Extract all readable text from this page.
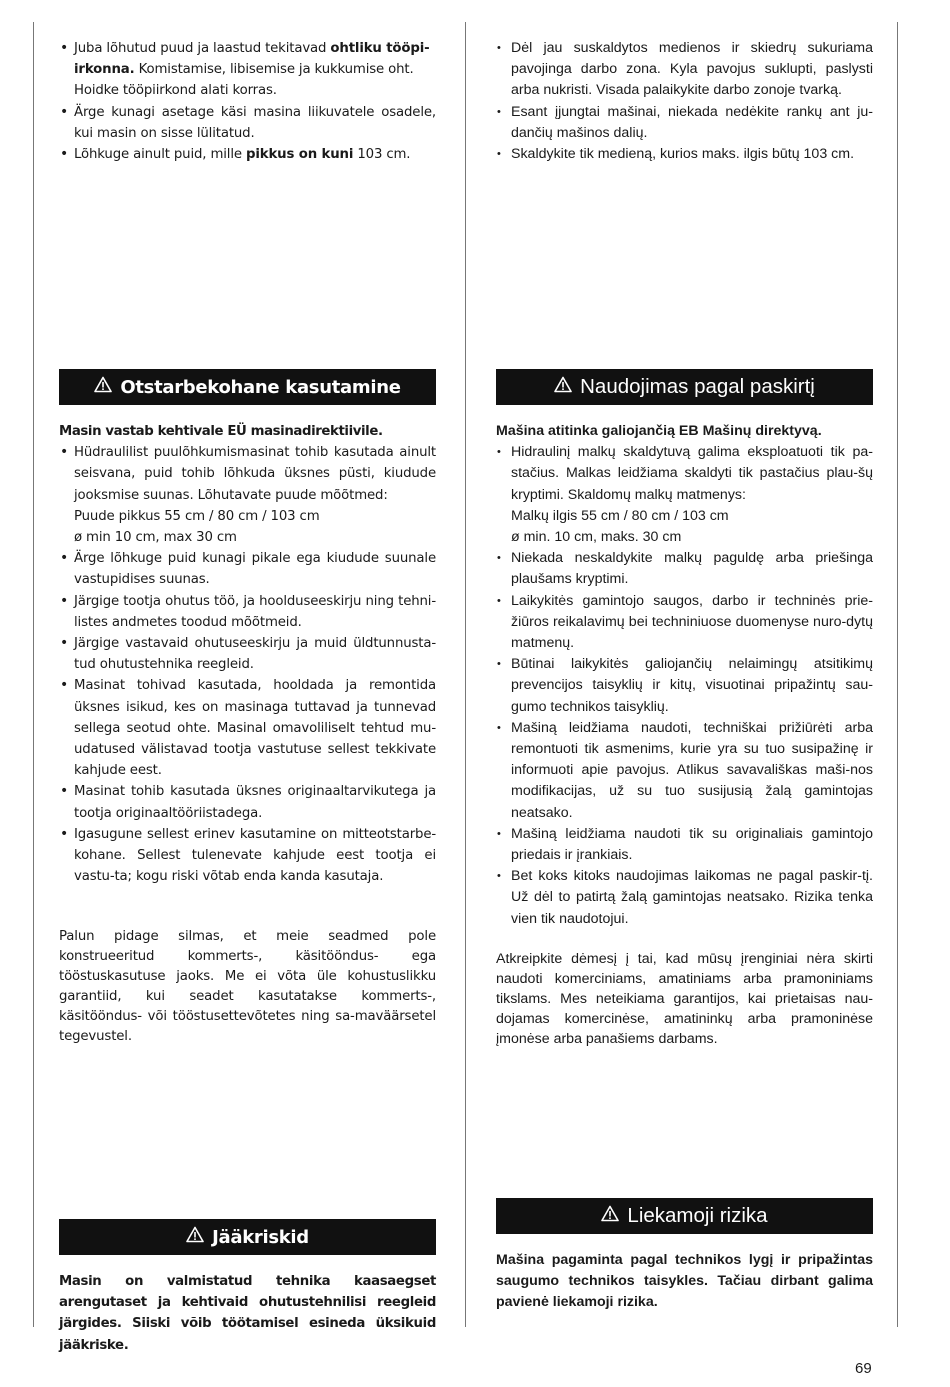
• Juba lõhutud puud ja laastud tekitavad ohtliku tööpi-
irkonna. Komistamise, libisemise ja kukkumise oht.
Hoidke tööpiirkond alati korras.
• Ärge kunagi asetage käsi masina liikuvatele osadele, kui masin on sisse lülitatud.
• Lõhkuge ainult puid, mille pikkus on kuni 103 cm.
• Dėl jau suskaldytos medienos ir skiedrų sukuriama pavojinga darbo zona. Kyla pavojus suklupti, paslysti arba nukristi. Visada palaikykite darbo zonoje tvarką.
• Esant įjungtai mašinai, niekada nedėkite rankų ant ju-dančių mašinos dalių.
• Skaldykite tik medieną, kurios maks. ilgis būtų 103 cm.
Otstarbekohane kasutamine	Naudojimas pagal paskirtį

Masin vastab kehtivale EÜ masinadirektiivile.

• Hüdraulilist puulõhkumismasinat tohib kasutada ainult seisvana, puid tohib lõhkuda üksnes püsti, kiudude jooksmise suunas. Lõhutavate puude mõõtmed:
Puude pikkus 55 cm / 80 cm / 103 cm
ø min 10 cm, max 30 cm
• Ärge lõhkuge puid kunagi pikale ega kiudude suunale vastupidises suunas.
• Järgige tootja ohutus töö, ja hoolduseeskirju ning tehni-listes andmetes toodud mõõtmeid.
• Järgige vastavaid ohutuseeskirju ja muid üldtunnusta-tud ohutustehnika reegleid.
• Masinat tohivad kasutada, hooldada ja remontida üksnes isikud, kes on masinaga tuttavad ja tunnevad sellega seotud ohte. Masinal omavoliliselt tehtud mu-udatused välistavad tootja vastutuse sellest tekkivate kahjude eest.
• Masinat tohib kasutada üksnes originaaltarvikutega ja tootja originaaltööriistadega.
• Igasugune sellest erinev kasutamine on mitteotstarbe-kohane. Sellest tulenevate kahjude eest tootja ei vastu-ta; kogu riski võtab enda kanda kasutaja.

Palun pidage silmas, et meie seadmed pole konstrueeritud kommerts-, käsitööndus- ega tööstuskasutuse jaoks. Me ei võta üle kohustuslikku garantiid, kui seadet kasutatakse kommerts-, käsitööndus- või tööstusettevõtetes ning sa-maväärsetel tegevustel.

Mašina atitinka galiojančią EB Mašinų direktyvą.

• Hidraulinį malkų skaldytuvą galima eksploatuoti tik pa-stačius. Malkas leidžiama skaldyti tik pastačius plau-šų kryptimi. Skaldomų malkų matmenys:
Malkų ilgis 55 cm / 80 cm / 103 cm
ø min. 10 cm, maks. 30 cm
• Niekada neskaldykite malkų paguldę arba priešinga plaušams kryptimi.
• Laikykitės gamintojo saugos, darbo ir techninės prie-žiūros reikalavimų bei techniniuose duomenyse nuro-dytų matmenų.
• Būtinai laikykitės galiojančių nelaimingų atsitikimų prevencijos taisyklių ir kitų, visuotinai pripažintų sau-gumo technikos taisyklių.
• Mašiną leidžiama naudoti, techniškai prižiūrėti arba remontuoti tik asmenims, kurie yra su tuo susipažinę ir informuoti apie pavojus. Atlikus savavališkas maši-nos modifikacijas, už su tuo susijusią žalą gamintojas neatsako.
• Mašiną leidžiama naudoti tik su originaliais gamintojo priedais ir įrankiais.
• Bet koks kitoks naudojimas laikomas ne pagal paskir-tį. Už dėl to patirtą žalą gamintojas neatsako. Rizika tenka vien tik naudotojui.

Atkreipkite dėmesį į tai, kad mūsų įrenginiai nėra skirti naudoti komerciniams, amatiniams arba pramoniniams tikslams. Mes neteikiama garantijos, kai prietaisas nau-dojamas komercinėse, amatininkų arba pramoninėse įmonėse arba panašiems darbams.

Liekamoji rizika

Mašina pagaminta pagal technikos lygį ir pripažintas saugumo technikos taisykles. Tačiau dirbant galima pavienė liekamoji rizika.

Jääkriskid

Masin on valmistatud tehnika kaasaegset arengutaset ja kehtivaid ohutustehnilisi reegleid järgides. Siiski võib töötamisel esineda üksikuid jääkriske.

69
